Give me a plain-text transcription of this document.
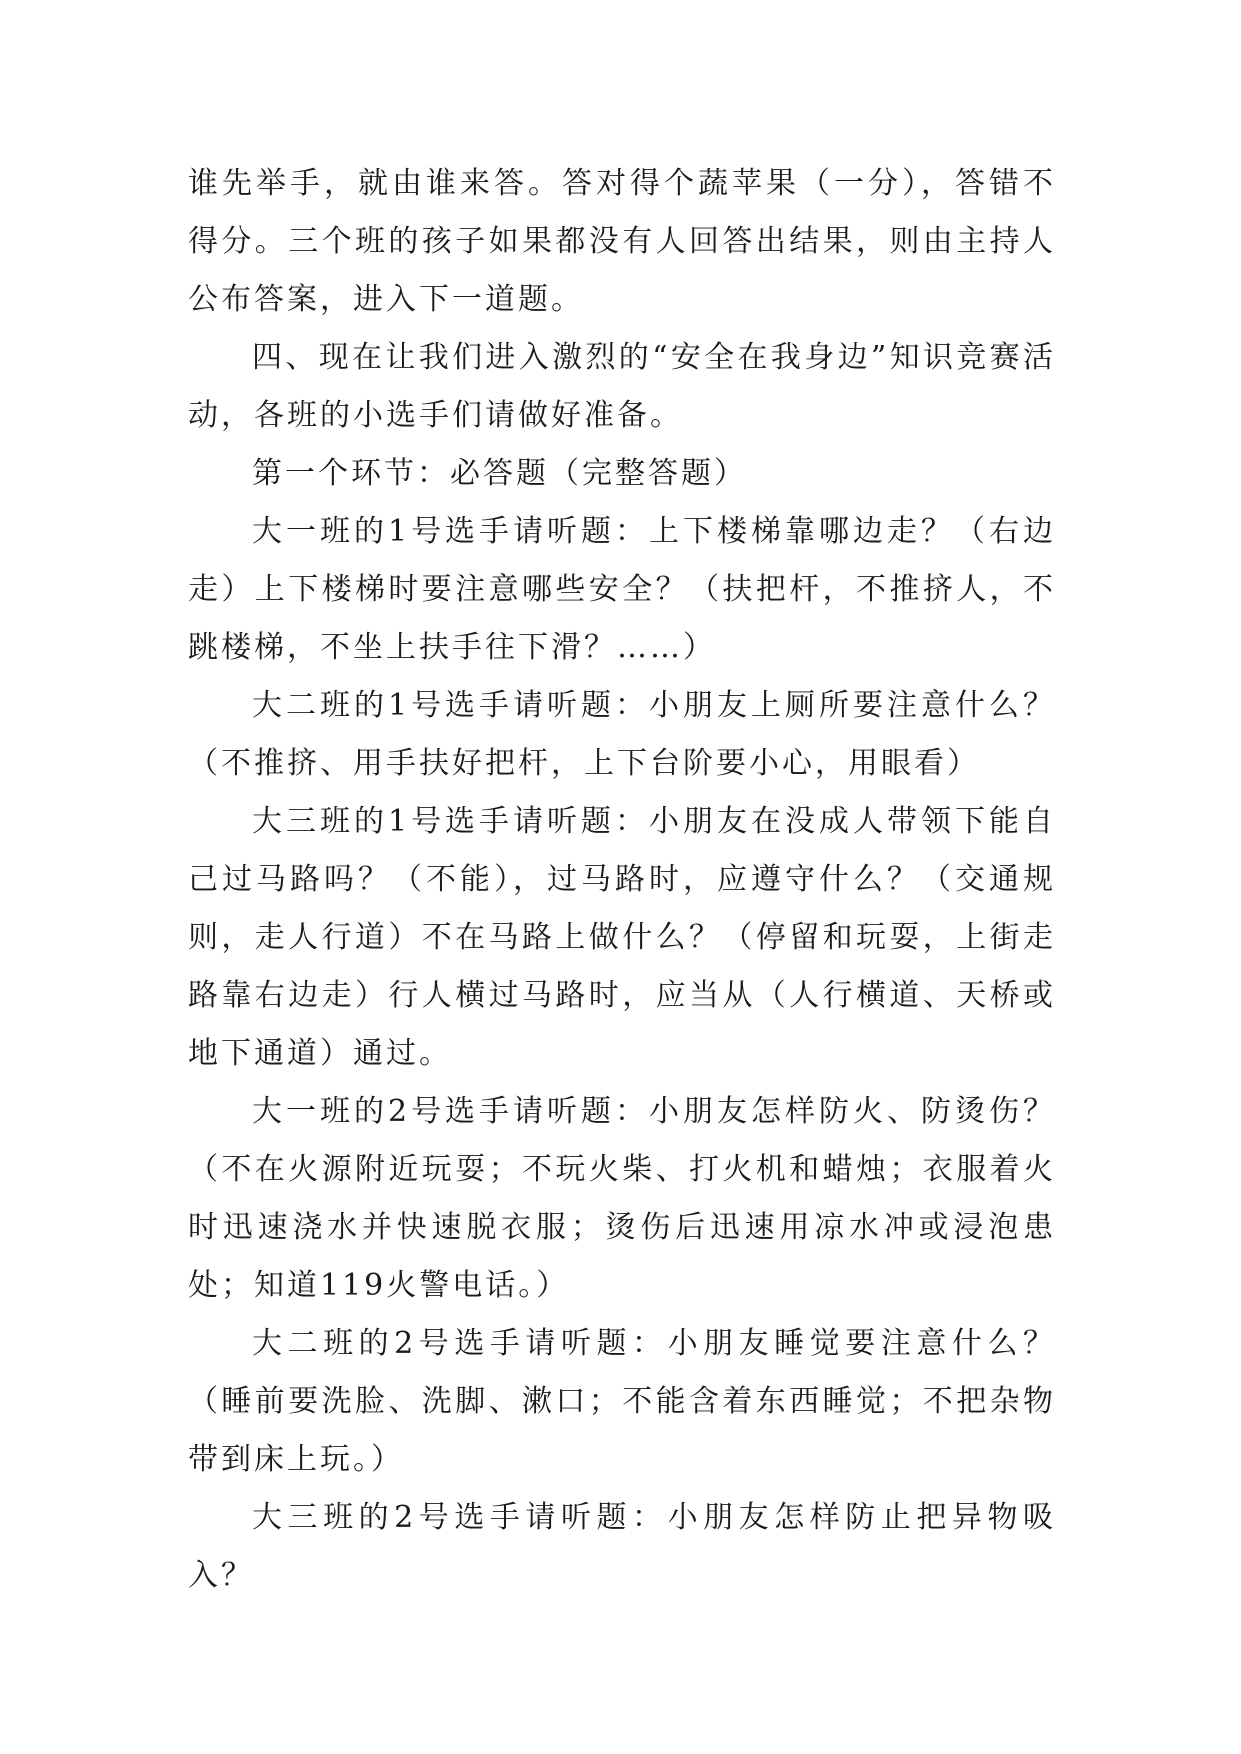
谁先举手，就由谁来答。答对得个蔬苹果（一分），答错不得分。三个班的孩子如果都没有人回答出结果，则由主持人公布答案，进入下一道题。

四、现在让我们进入激烈的“安全在我身边”知识竞赛活动，各班的小选手们请做好准备。

第一个环节：必答题（完整答题）

大一班的1号选手请听题：上下楼梯靠哪边走？（右边走）上下楼梯时要注意哪些安全？（扶把杆，不推挤人，不跳楼梯，不坐上扶手往下滑？……）

大二班的1号选手请听题：小朋友上厕所要注意什么？（不推挤、用手扶好把杆，上下台阶要小心，用眼看）

大三班的1号选手请听题：小朋友在没成人带领下能自己过马路吗？（不能），过马路时，应遵守什么？（交通规则，走人行道）不在马路上做什么？（停留和玩耍，上街走路靠右边走）行人横过马路时，应当从（人行横道、天桥或地下通道）通过。

大一班的2号选手请听题：小朋友怎样防火、防烫伤？（不在火源附近玩耍；不玩火柴、打火机和蜡烛；衣服着火时迅速浇水并快速脱衣服；烫伤后迅速用凉水冲或浸泡患处；知道119火警电话。）

大二班的2号选手请听题：小朋友睡觉要注意什么？（睡前要洗脸、洗脚、漱口；不能含着东西睡觉；不把杂物带到床上玩。）

大三班的2号选手请听题：小朋友怎样防止把异物吸入？
